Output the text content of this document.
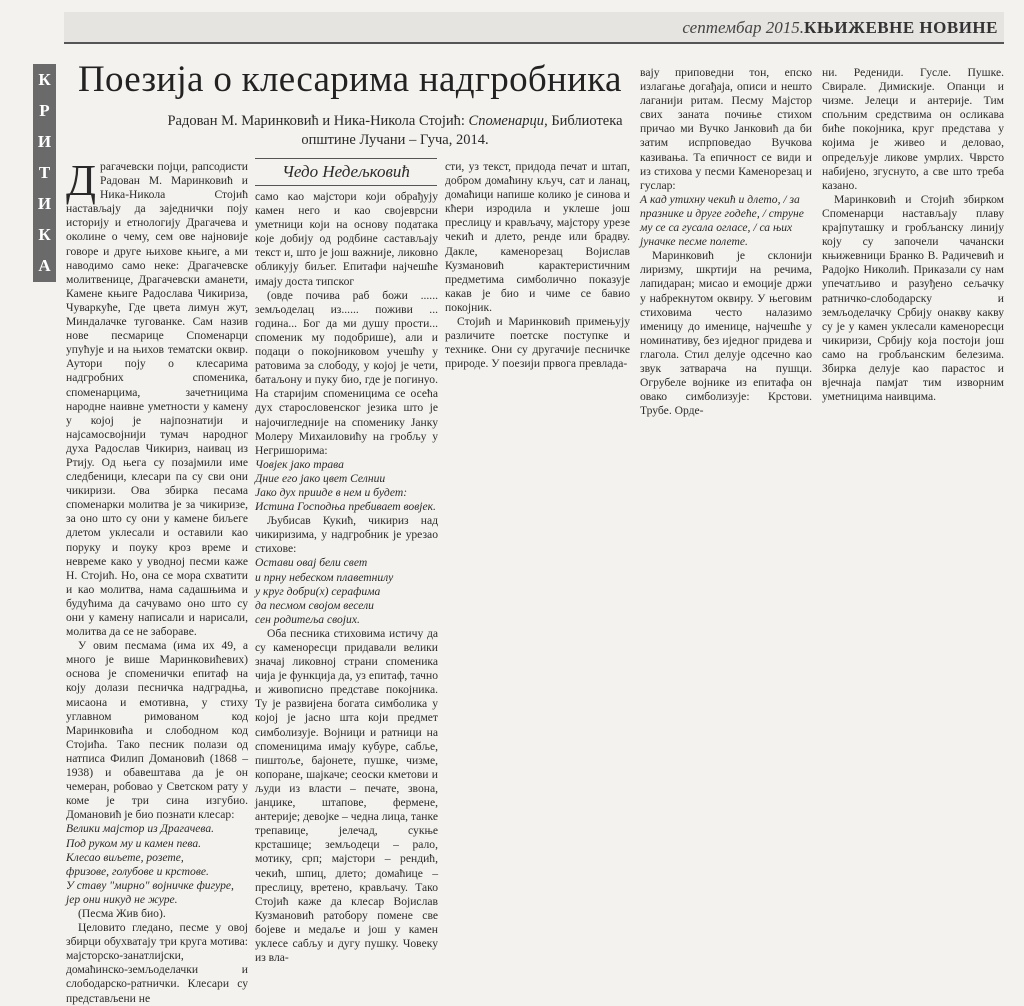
септембар 2015. КЊИЖЕВНЕ НОВИНЕ
К
Р
И
Т
И
К
А
Поезија о клесарима надгробника
Радован М. Маринковић и Ника-Никола Стојић: Споменарци, Библиотека општине Лучани – Гуча, 2014.
Чедо Недељковић

Драгачевски појци, рапсодисти Радован М. Маринковић и Ника-Никола Стојић настављају да заједнички поју историју и етнологију Драгачева и околине о чему, сем ове најновије говоре и друге њихове књиге, а ми наводимо само неке: Драгачевске молитвенице, Драгачевски аманети, Камене књиге Радослава Чикириза, Чуваркуће, Где цвета лимун жут, Миндалачке тугованке. Сам назив нове песмарице Споменарци упућује и на њихов тематски оквир. Аутори поју о клесарима надгробних споменика, споменарцима, зачетницима народне наивне уметности у камену у којој је најпознатији и најсамосвојнији тумач народног духа Радослав Чикириз, наивац из Ртију. Од њега су позајмили име следбеници, клесари па су сви они чикиризи. Ова збирка песама споменарки молитва је за чикиризе, за оно што су они у камене биљеге длетом уклесали и оставили као поруку и поуку кроз време и невреме како у уводној песми каже Н. Стојић. Но, она се мора схватити и као молитва, нама садашњима и будућима да сачувамо оно што су они у камену написали и нарисали, молитва да се не забораве.

У овим песмама (има их 49, а много је више Маринковићевих) основа је споменички епитаф на коју долази песничка надградња, мисаона и емотивна, у стиху углавном римованом код Маринковића и слободном код Стојића. Тако песник полази од натписа Филип Домановић (1868 – 1938) и обавештава да је он чемеран, робовао у Светском рату у коме је три сина изгубио. Домановић је био познати клесар:

Велики мајстор из Драгачева.

Под руком му и камен пева.

Клесао виљете, розете,

фризове, голубове и крстове.

У ставу "мирно" војничке фигуре,

јер они никуд не журе.

(Песма Жив био).

Целовито гледано, песме у овој збирци обухватају три круга мотива: мајсторско-занатлијски, домаћинско-земљоделачки и слободарско-ратнички. Клесари су представљени не

само као мајстори који обрађују камен него и као својеврсни уметници који на основу података које добију од родбине састављају текст и, што је још важније, ликовно обликују биљег. Епитафи најчешће имају доста типског

(овде почива раб божи ...... земљоделац из...... поживи ... година... Бог да ми душу прости... споменик му подобрише), али и подаци о покојниковом учешћу у ратовима за слободу, у којој је чети, батаљону и пуку био, где је погинуо. На старијим споменицима се осећа дух старословенског језика што је најочигледније на споменику Јанку Молеру Михаиловићу на гробљу у Негришорима:

Човјек јако трава

Дние его јако цвет Селнии

Јако дух прииде в нем и будет:

Истина Господња пребивает вовјек.

Љубисав Кукић, чикириз над чикиризима, у надгробник је урезао стихове:

Остави овај бели свет

и прну небеском плаветнилу

у круг добри(х) серафима

да песмом својом весели

сен родитеља својих.

Оба песника стиховима истичу да су каменоресци придавали велики значај ликовној страни споменика чија је функција да, уз епитаф, тачно и живописно представе покојника. Ту је развијена богата симболика у којој је јасно шта који предмет симболизује. Војници и ратници на споменицима имају кубуре, сабље, пиштоље, бајонете, пушке, чизме, копоране, шајкаче; сеоски кметови и људи из власти – печате, звона, јанџике, штапове, фермене, антерије; девојке – чедна лица, танке трепавице, јелечад, сукње крсташице; земљодеци – рало, мотику, срп; мајстори – рендић, чекић, шпиц, длето; домаћице – преслицу, вретено, крављачу. Тако Стојић каже да клесар Војислав Кузмановић ратобору помене све бојеве и медаље и још у камен уклесе сабљу и дугу пушку. Човеку из вла-

сти, уз текст, придода печат и штап, добром домаћину кључ, сат и ланац, домаћици напише колико је синова и кћери изродила и уклеше још преслицу и крављачу, мајстору урезе чекић и длето, ренде или брадву. Дакле, каменорезац Војислав Кузмановић карактеристичним предметима симболично показује какав је био и чиме се бавио покојник.

Стојић и Маринковић примењују различите поетске поступке и технике. Они су другачије песничке природе. У поезији првога превлада-

вају приповедни тон, епско излагање догађаја, описи и нешто лаганији ритам. Песму Мајстор свих заната почиње стихом причао ми Вучко Јанковић да би затим испрповедао Вучкова казивања. Та епичност се види и из стихова у песми Каменорезац и гуслар:

А кад утихну чекић и длето, / за празнике и друге годеће, / струне му се са гусала огласе, / са њих јуначке песме полете.

Маринковић је склонији лиризму, шкртији на речима, лапидаран; мисао и емоције држи у набрекнутом оквиру. У његовим стиховима често налазимо именицу до именице, најчешће у номинативу, без иједног придева и глагола. Стил делује одсечно као звук затварача на пушци. Огрубеле војнике из епитафа он овако симболизује: Крстови. Трубе. Орде-

ни. Редениди. Гусле. Пушке. Свирале. Димискије. Опанци и чизме. Јелеци и антерије. Тим спољним средствима он осликава биће покојника, круг представа у којима је живео и деловао, опредељује ликове умрлих. Чврсто набијено, згуснуто, а све што треба казано.

Маринковић и Стојић збирком Споменарци настављају плаву крајпуташку и гробљанску линију коју су започели чачански књижевници Бранко В. Радичевић и Радојко Николић. Приказали су нам упечатљиво и разуђено сељачку ратничко-слободарску и земљоделачку Србију онакву какву су је у камен уклесали каменоресци чикиризи, Србију која постоји још само на гробљанским белезима. Збирка делује као парастос и вјечнаја памјат тим изворним уметницима наивцима.
